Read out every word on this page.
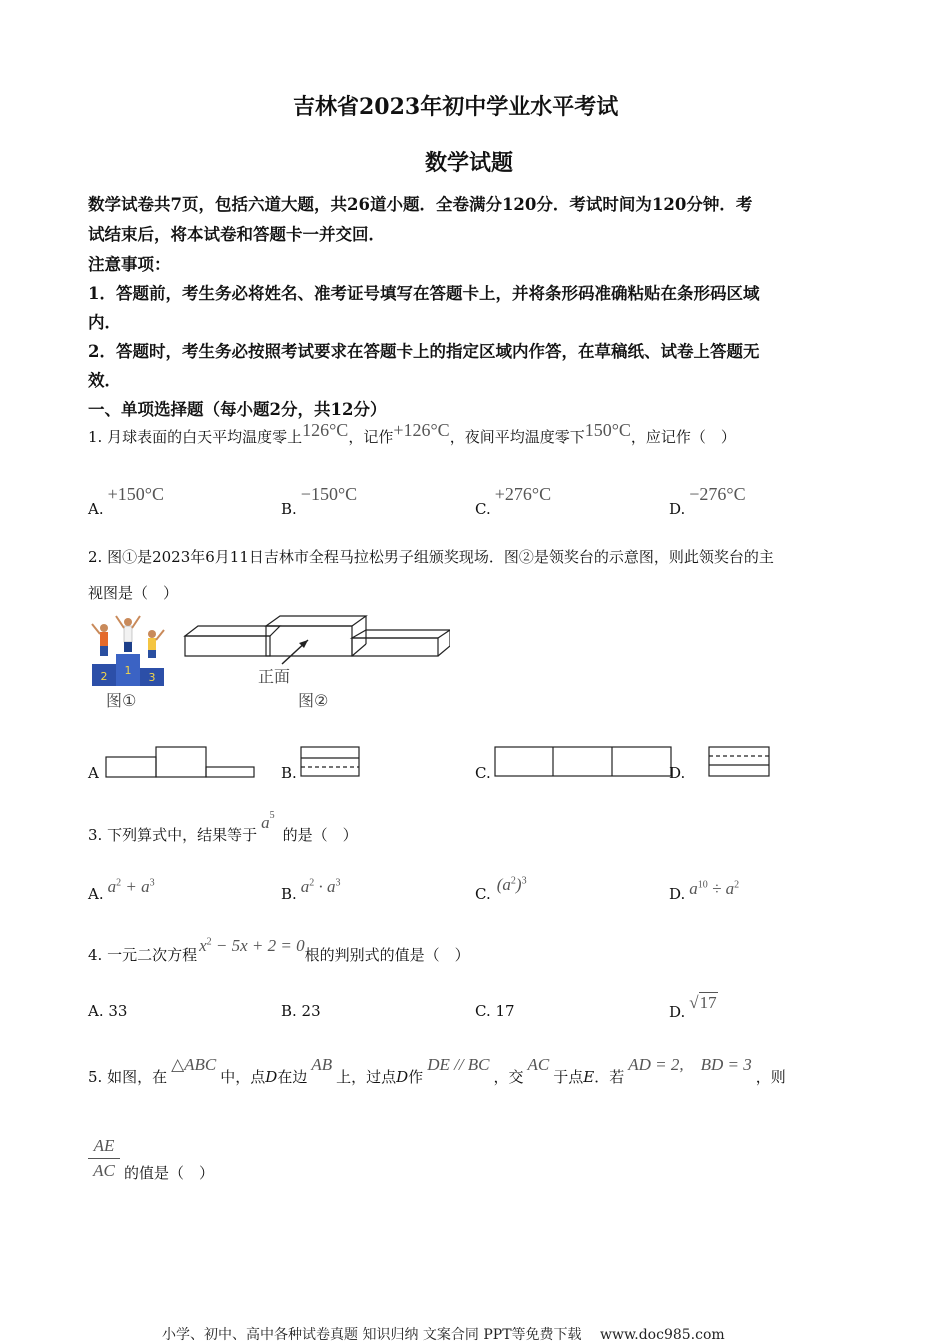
吉林省2023年初中学业水平考试
数学试题
数学试卷共7页，包括六道大题，共26道小题．全卷满分120分．考试时间为120分钟．考
试结束后，将本试卷和答题卡一并交回．
注意事项：
1．答题前，考生务必将姓名、准考证号填写在答题卡上，并将条形码准确粘贴在条形码区域
内．
2．答题时，考生务必按照考试要求在答题卡上的指定区域内作答，在草稿纸、试卷上答题无
效．
一、单项选择题（每小题2分，共12分）
1. 月球表面的白天平均温度零上126°C，记作+126°C，夜间平均温度零下150°C，应记作（　）
A.+150°C
B.−150°C
C.+276°C
D.−276°C
2. 图①是2023年6月11日吉林市全程马拉松男子组颁奖现场．图②是领奖台的示意图，则此领奖台的主
视图是（　）
2 1
3
图①
正面
图②
A	B.	C.	D.
3. 下列算式中，结果等于$a^5$的是（　）
A. $a^2 + a^3$
B. $a^2 \cdot a^3$
C. $(a^2)^3$
D. $a^{10} \div a^2$
4. 一元二次方程 $x^2 - 5x + 2 = 0$根的判别式的值是（　）
A. 33	B. 23	C. 17	D. √17
5. 如图，在△ABC中，点D在边AB上，过点D作DE // BC，交AC于点E．若AD = 2,　BD = 3，则
AE
AC 的值是（　）
小学、初中、高中各种试卷真题 知识归纳 文案合同 PPT等免费下载　 www.doc985.com
